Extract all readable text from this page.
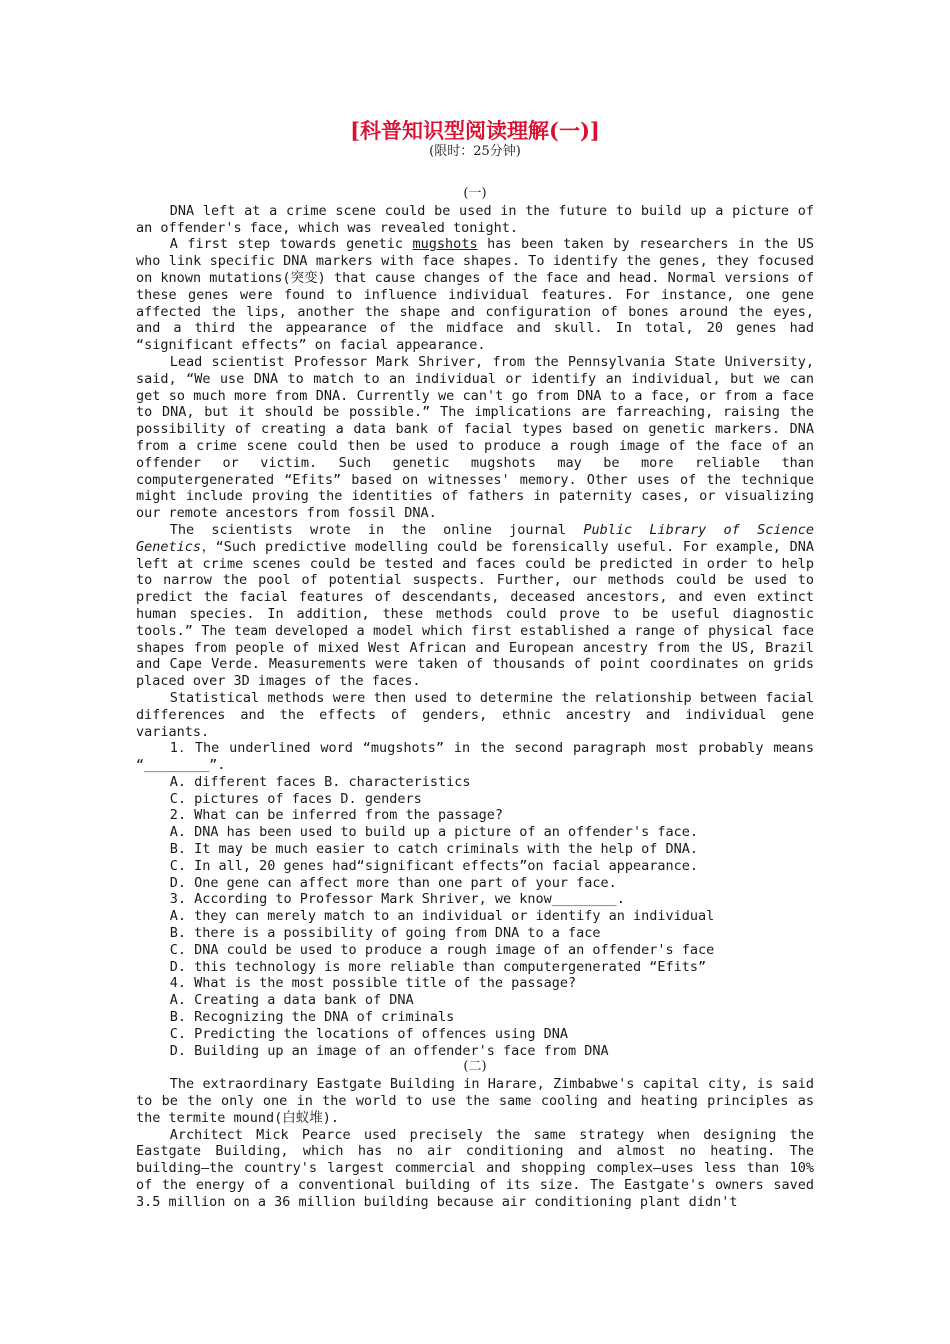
[科普知识型阅读理解(一)]
(限时：25分钟)
(一)

DNA left at a crime scene could be used in the future to build up a picture of an offender's face, which was revealed tonight.

A first step towards genetic mugshots has been taken by researchers in the US who link specific DNA markers with face shapes. To identify the genes, they focused on known mutations(突变) that cause changes of the face and head. Normal versions of these genes were found to influence individual features. For instance, one gene affected the lips, another the shape and configuration of bones around the eyes, and a third the appearance of the midface and skull. In total, 20 genes had “significant effects” on facial appearance.

Lead scientist Professor Mark Shriver, from the Pennsylvania State University, said, “We use DNA to match to an individual or identify an individual, but we can get so much more from DNA. Currently we can't go from DNA to a face, or from a face to DNA, but it should be possible.” The implications are farreaching, raising the possibility of creating a data bank of facial types based on genetic markers. DNA from a crime scene could then be used to produce a rough image of the face of an offender or victim. Such genetic mugshots may be more reliable than computergenerated “Efits” based on witnesses' memory. Other uses of the technique might include proving the identities of fathers in paternity cases, or visualizing our remote ancestors from fossil DNA.

The scientists wrote in the online journal Public Library of Science Genetics，“Such predictive modelling could be forensically useful. For example, DNA left at crime scenes could be tested and faces could be predicted in order to help to narrow the pool of potential suspects. Further, our methods could be used to predict the facial features of descendants, deceased ancestors, and even extinct human species. In addition, these methods could prove to be useful diagnostic tools.” The team developed a model which first established a range of physical face shapes from people of mixed West African and European ancestry from the US, Brazil and Cape Verde. Measurements were taken of thousands of point coordinates on grids placed over 3D images of the faces.

Statistical methods were then used to determine the relationship between facial differences and the effects of genders, ethnic ancestry and individual gene variants.

1．The underlined word “mugshots” in the second paragraph most probably means “________”.

A. different faces B. characteristics

C. pictures of faces D. genders

2. What can be inferred from the passage?

A. DNA has been used to build up a picture of an offender's face.

B. It may be much easier to catch criminals with the help of DNA.

C. In all, 20 genes had“significant effects”on facial appearance.

D. One gene can affect more than one part of your face.

3. According to Professor Mark Shriver, we know________.

A. they can merely match to an individual or identify an individual

B. there is a possibility of going from DNA to a face

C. DNA could be used to produce a rough image of an offender's face

D. this technology is more reliable than computergenerated “Efits”

4. What is the most possible title of the passage?

A. Creating a data bank of DNA

B. Recognizing the DNA of criminals

C. Predicting the locations of offences using DNA

D. Building up an image of an offender's face from DNA

(二)

The extraordinary Eastgate Building in Harare, Zimbabwe's capital city, is said to be the only one in the world to use the same cooling and heating principles as the termite mound(白蚁堆).

Architect Mick Pearce used precisely the same strategy when designing the Eastgate Building, which has no air conditioning and almost no heating. The building—the country's largest commercial and shopping complex—uses less than 10% of the energy of a conventional building of its size. The Eastgate's owners saved 3.5 million on a 36 million building because air conditioning plant didn't
